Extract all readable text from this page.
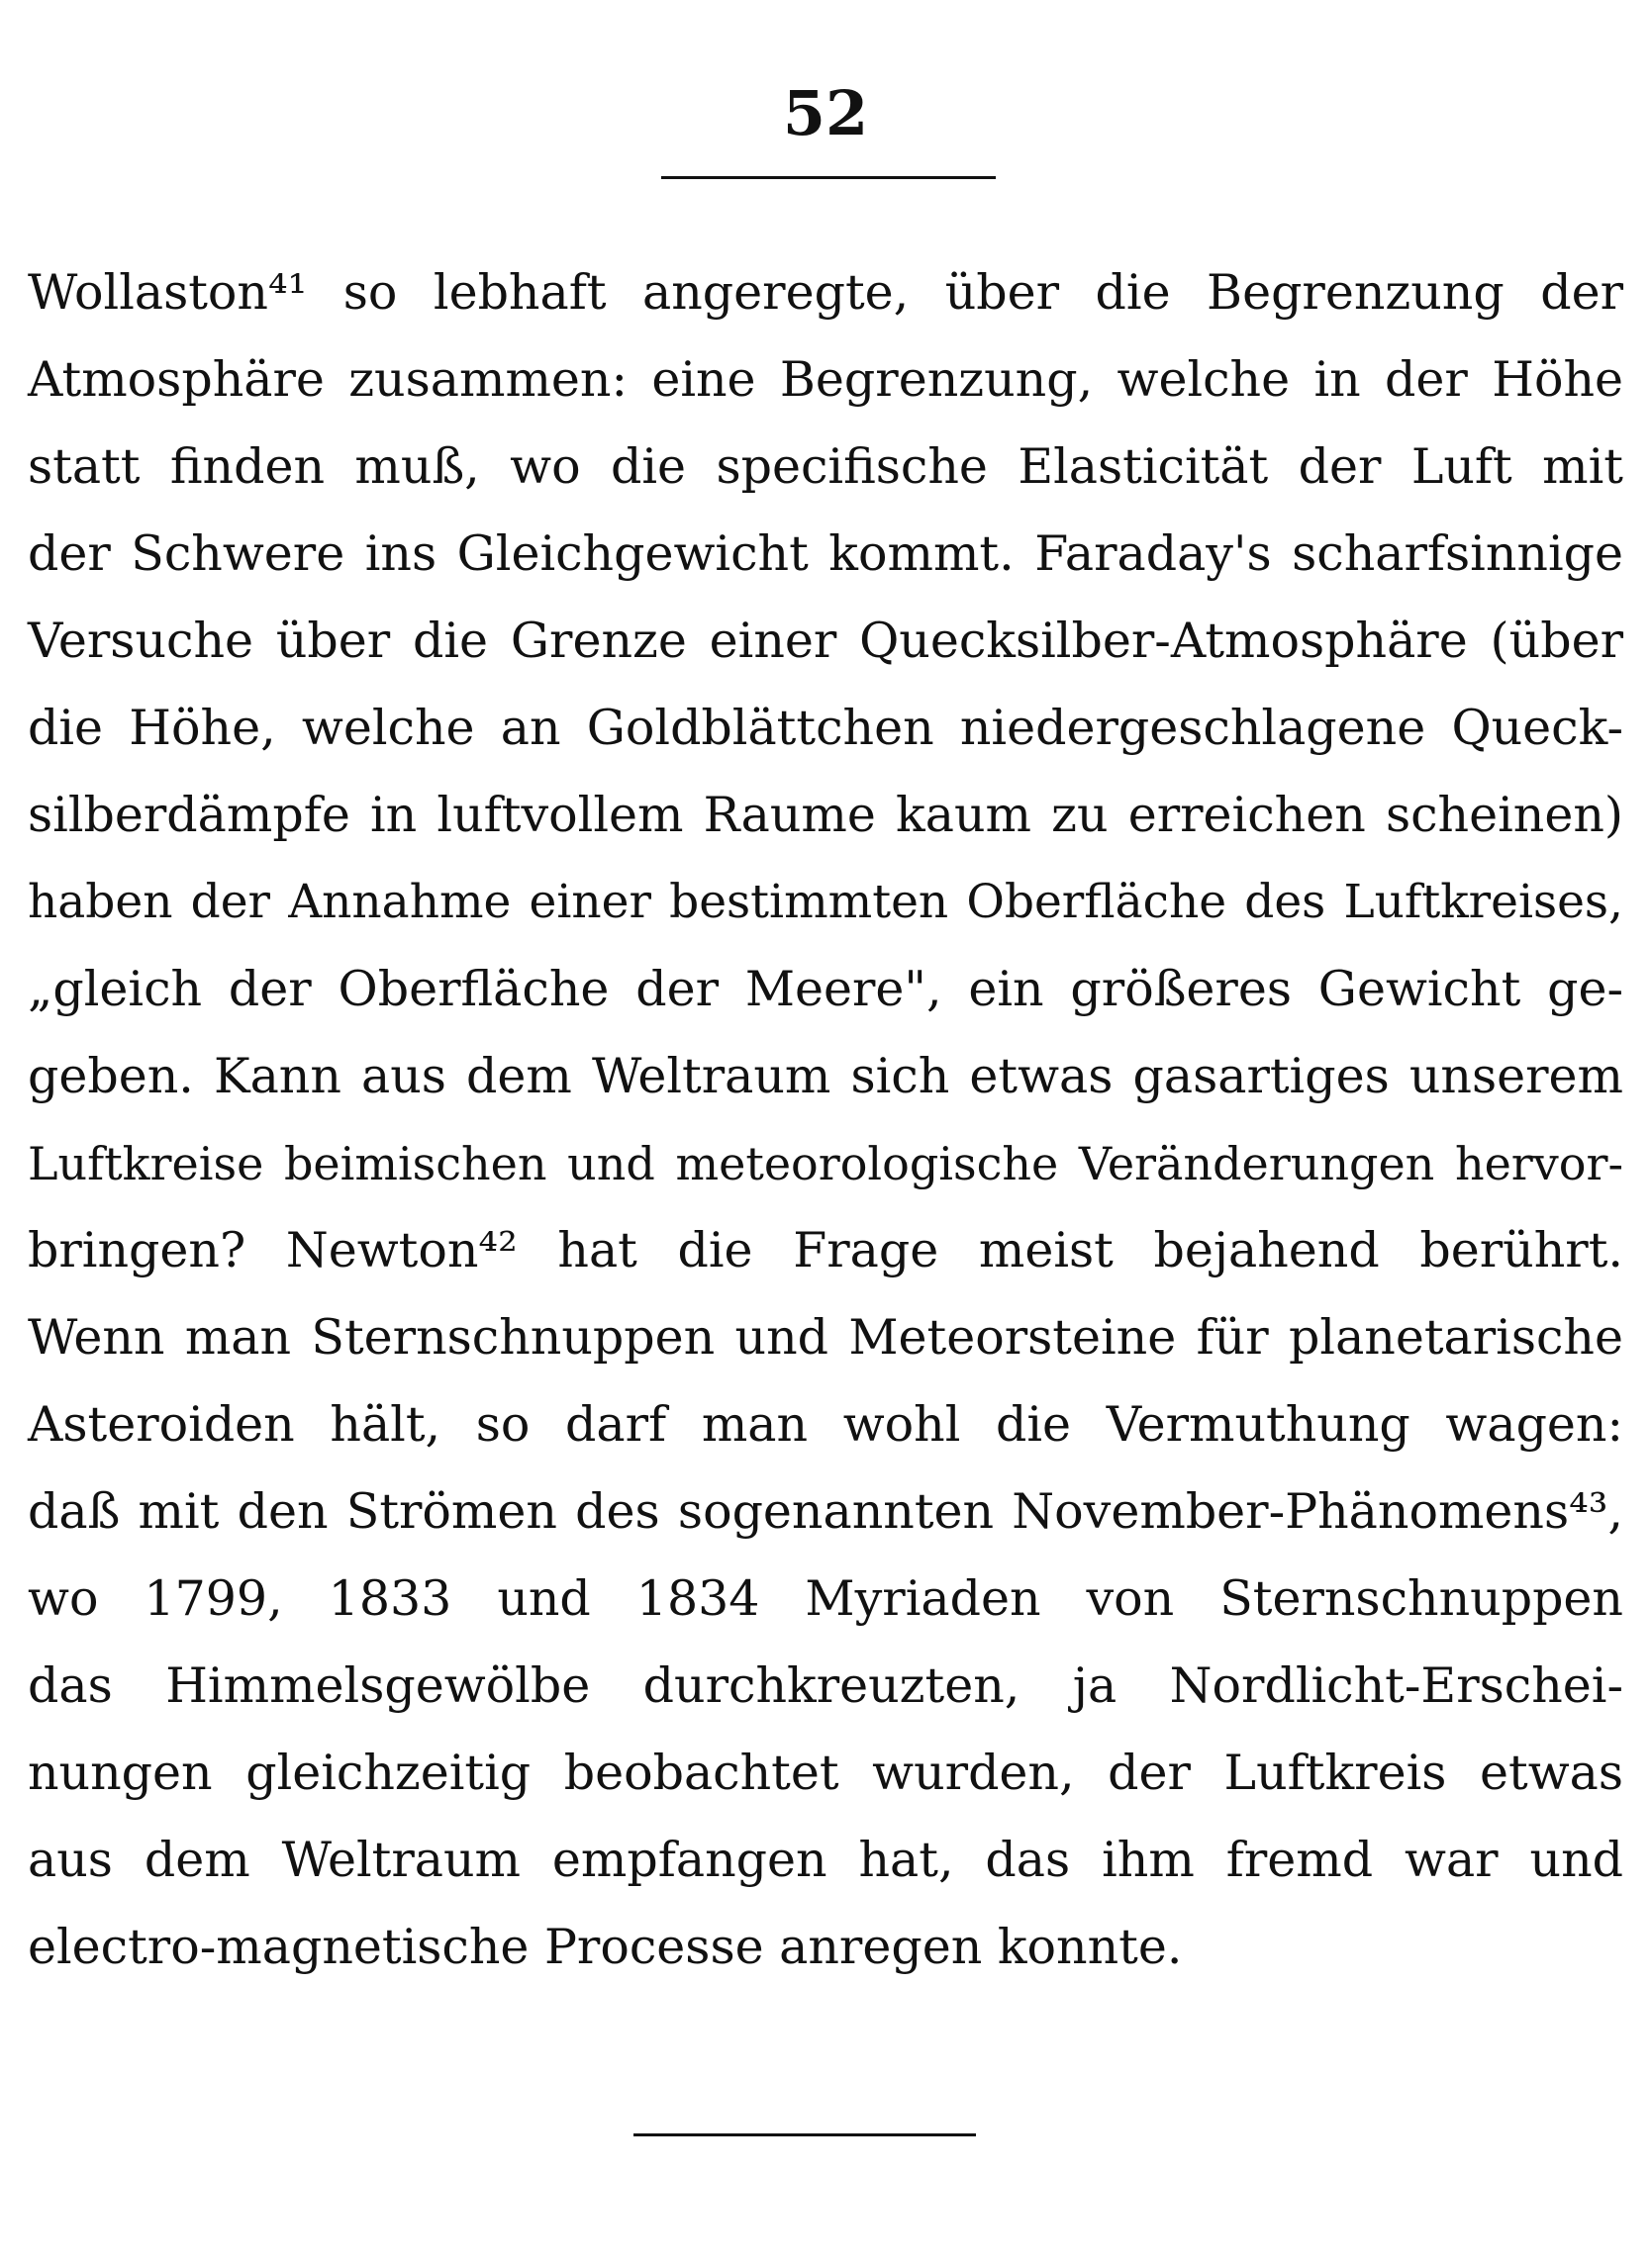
52
Wollaston⁴¹ so lebhaft angeregte, über die Begrenzung der
Atmosphäre zusammen: eine Begrenzung, welche in der Höhe
statt finden muß, wo die specifische Elasticität der Luft mit
der Schwere ins Gleichgewicht kommt. Faraday's scharfsinnige
Versuche über die Grenze einer Quecksilber-Atmosphäre (über
die Höhe, welche an Goldblättchen niedergeschlagene Queck-
silberdämpfe in luftvollem Raume kaum zu erreichen scheinen)
haben der Annahme einer bestimmten Oberfläche des Luftkreises,
„gleich der Oberfläche der Meere", ein größeres Gewicht ge-
geben. Kann aus dem Weltraum sich etwas gasartiges unserem
Luftkreise beimischen und meteorologische Veränderungen hervor-
bringen? Newton⁴² hat die Frage meist bejahend berührt.
Wenn man Sternschnuppen und Meteorsteine für planetarische
Asteroiden hält, so darf man wohl die Vermuthung wagen:
daß mit den Strömen des sogenannten November-Phänomens⁴³,
wo 1799, 1833 und 1834 Myriaden von Sternschnuppen
das Himmelsgewölbe durchkreuzten, ja Nordlicht-Erschei-
nungen gleichzeitig beobachtet wurden, der Luftkreis etwas
aus dem Weltraum empfangen hat, das ihm fremd war und
electro-magnetische Processe anregen konnte.
